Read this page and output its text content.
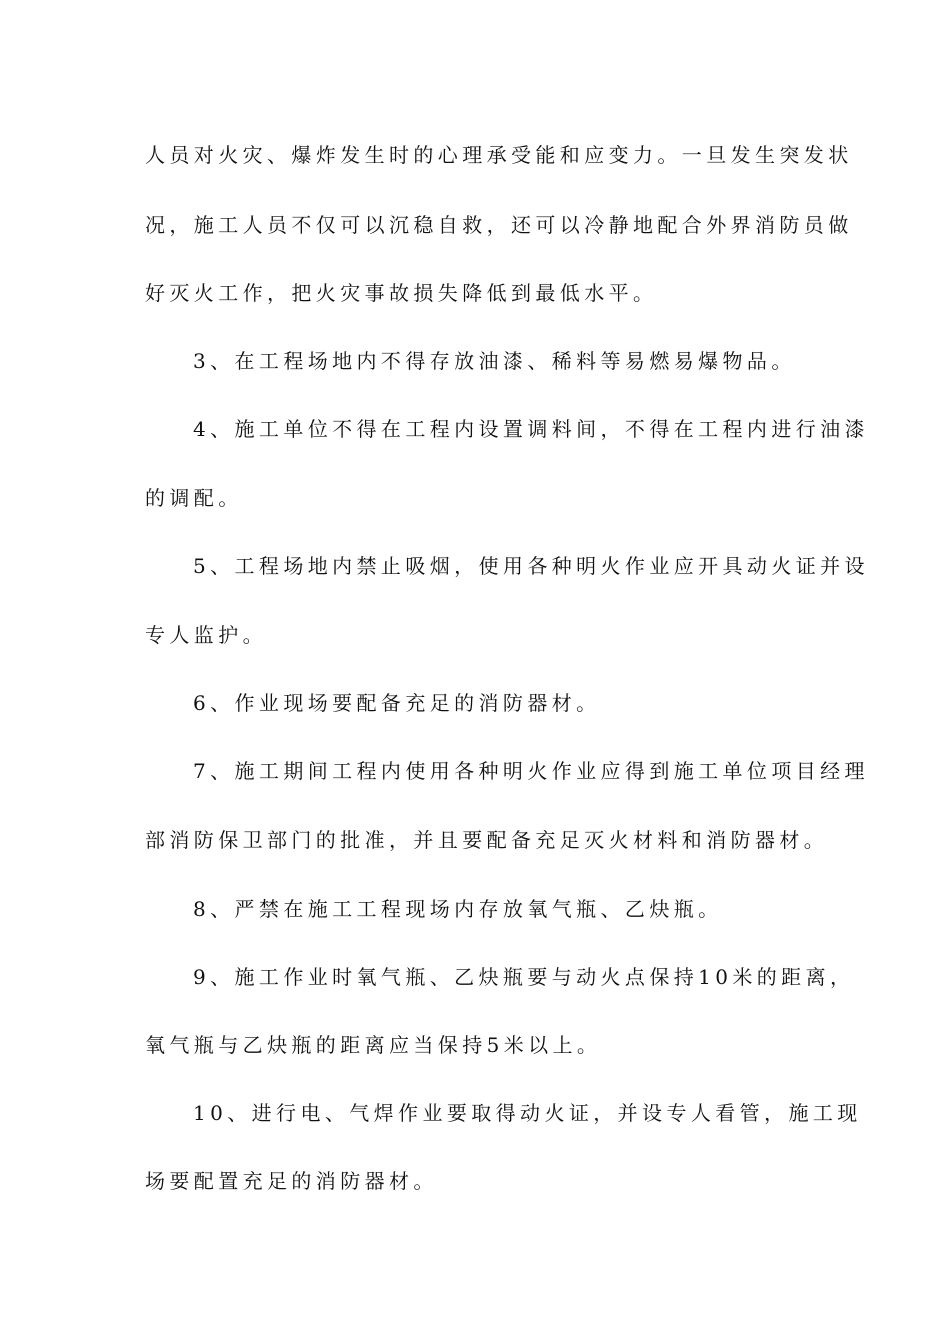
人员对火灾、爆炸发生时的心理承受能和应变力。一旦发生突发状
况，施工人员不仅可以沉稳自救，还可以冷静地配合外界消防员做
好灭火工作，把火灾事故损失降低到最低水平。
3、在工程场地内不得存放油漆、稀料等易燃易爆物品。
4、施工单位不得在工程内设置调料间，不得在工程内进行油漆
的调配。
5、工程场地内禁止吸烟，使用各种明火作业应开具动火证并设
专人监护。
6、作业现场要配备充足的消防器材。
7、施工期间工程内使用各种明火作业应得到施工单位项目经理
部消防保卫部门的批准，并且要配备充足灭火材料和消防器材。
8、严禁在施工工程现场内存放氧气瓶、乙炔瓶。
9、施工作业时氧气瓶、乙炔瓶要与动火点保持10米的距离，
氧气瓶与乙炔瓶的距离应当保持5米以上。
10、进行电、气焊作业要取得动火证，并设专人看管，施工现
场要配置充足的消防器材。
